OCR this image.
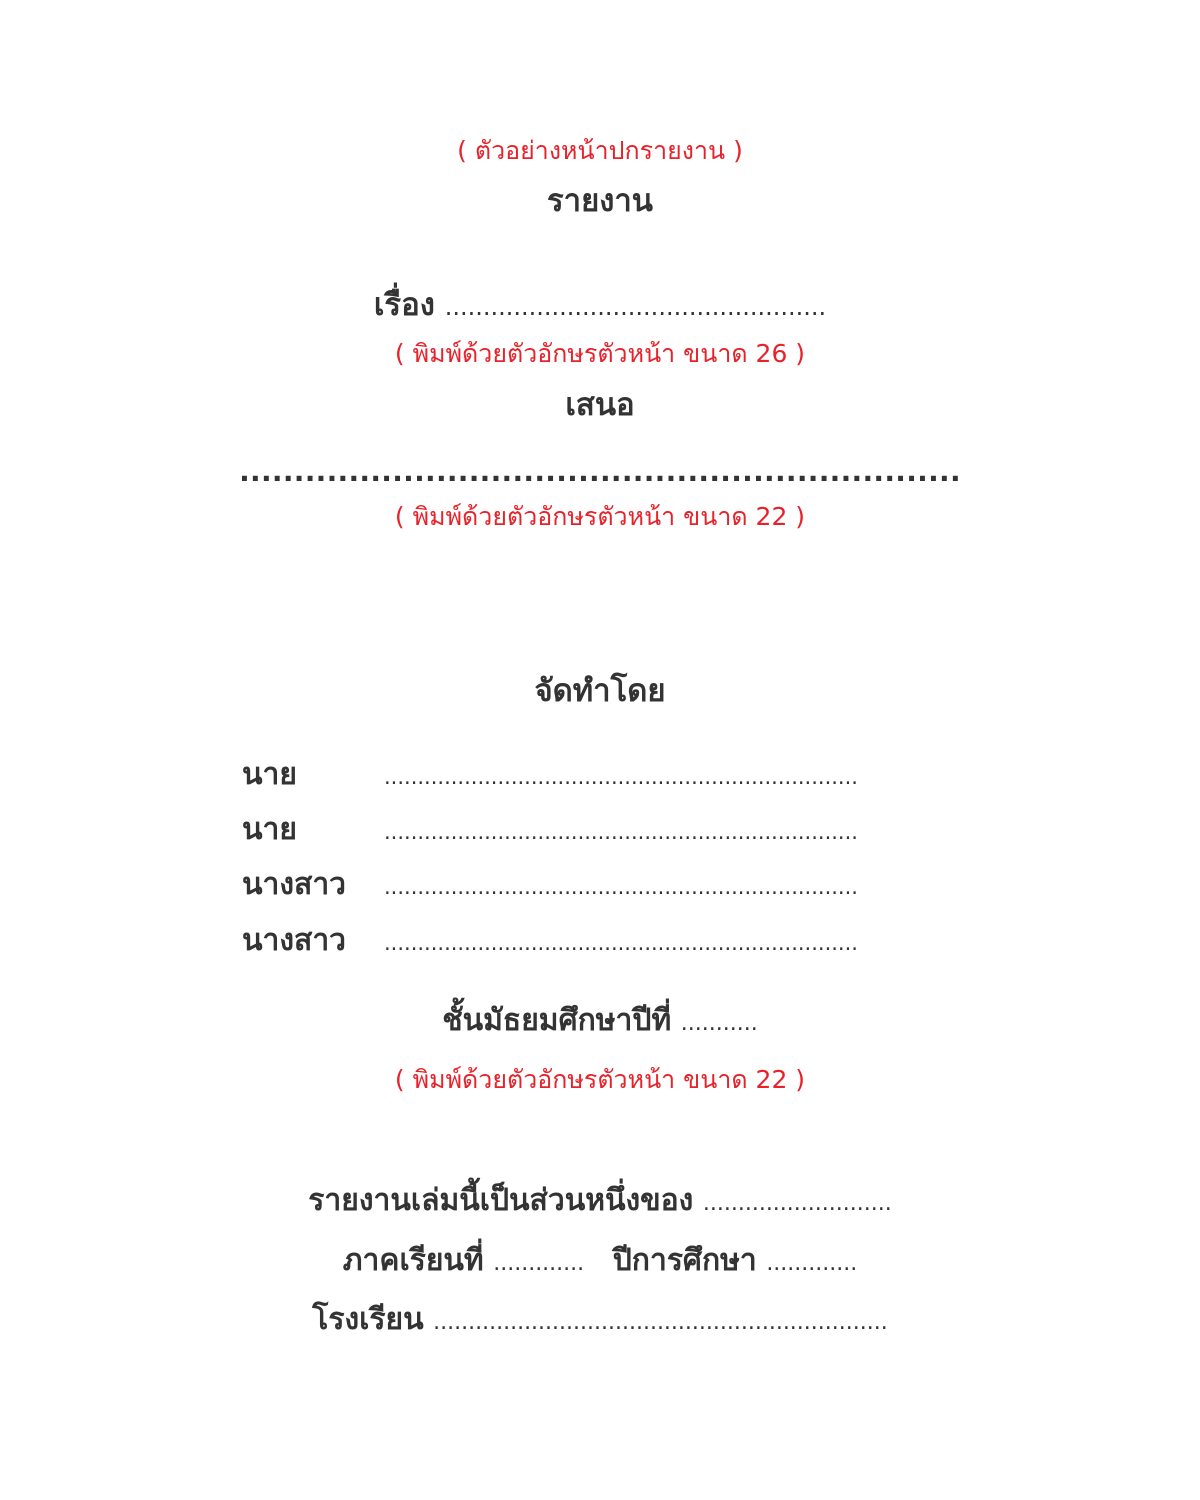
( ตัวอย่างหน้าปกรายงาน )
รายงาน
เรื่อง ..................................................
( พิมพ์ด้วยตัวอักษรตัวหน้า ขนาด 26 )
เสนอ
..................................................................
( พิมพ์ด้วยตัวอักษรตัวหน้า ขนาด 22 )
จัดทำโดย
นาย	.......................................................................
นาย	.......................................................................
นางสาว .......................................................................
นางสาว .......................................................................
ชั้นมัธยมศึกษาปีที่ ...........
( พิมพ์ด้วยตัวอักษรตัวหน้า ขนาด 22 )
รายงานเล่มนี้เป็นส่วนหนึ่งของ ...........................
ภาคเรียนที่ ............. ปีการศึกษา .............
โรงเรียน .................................................................
